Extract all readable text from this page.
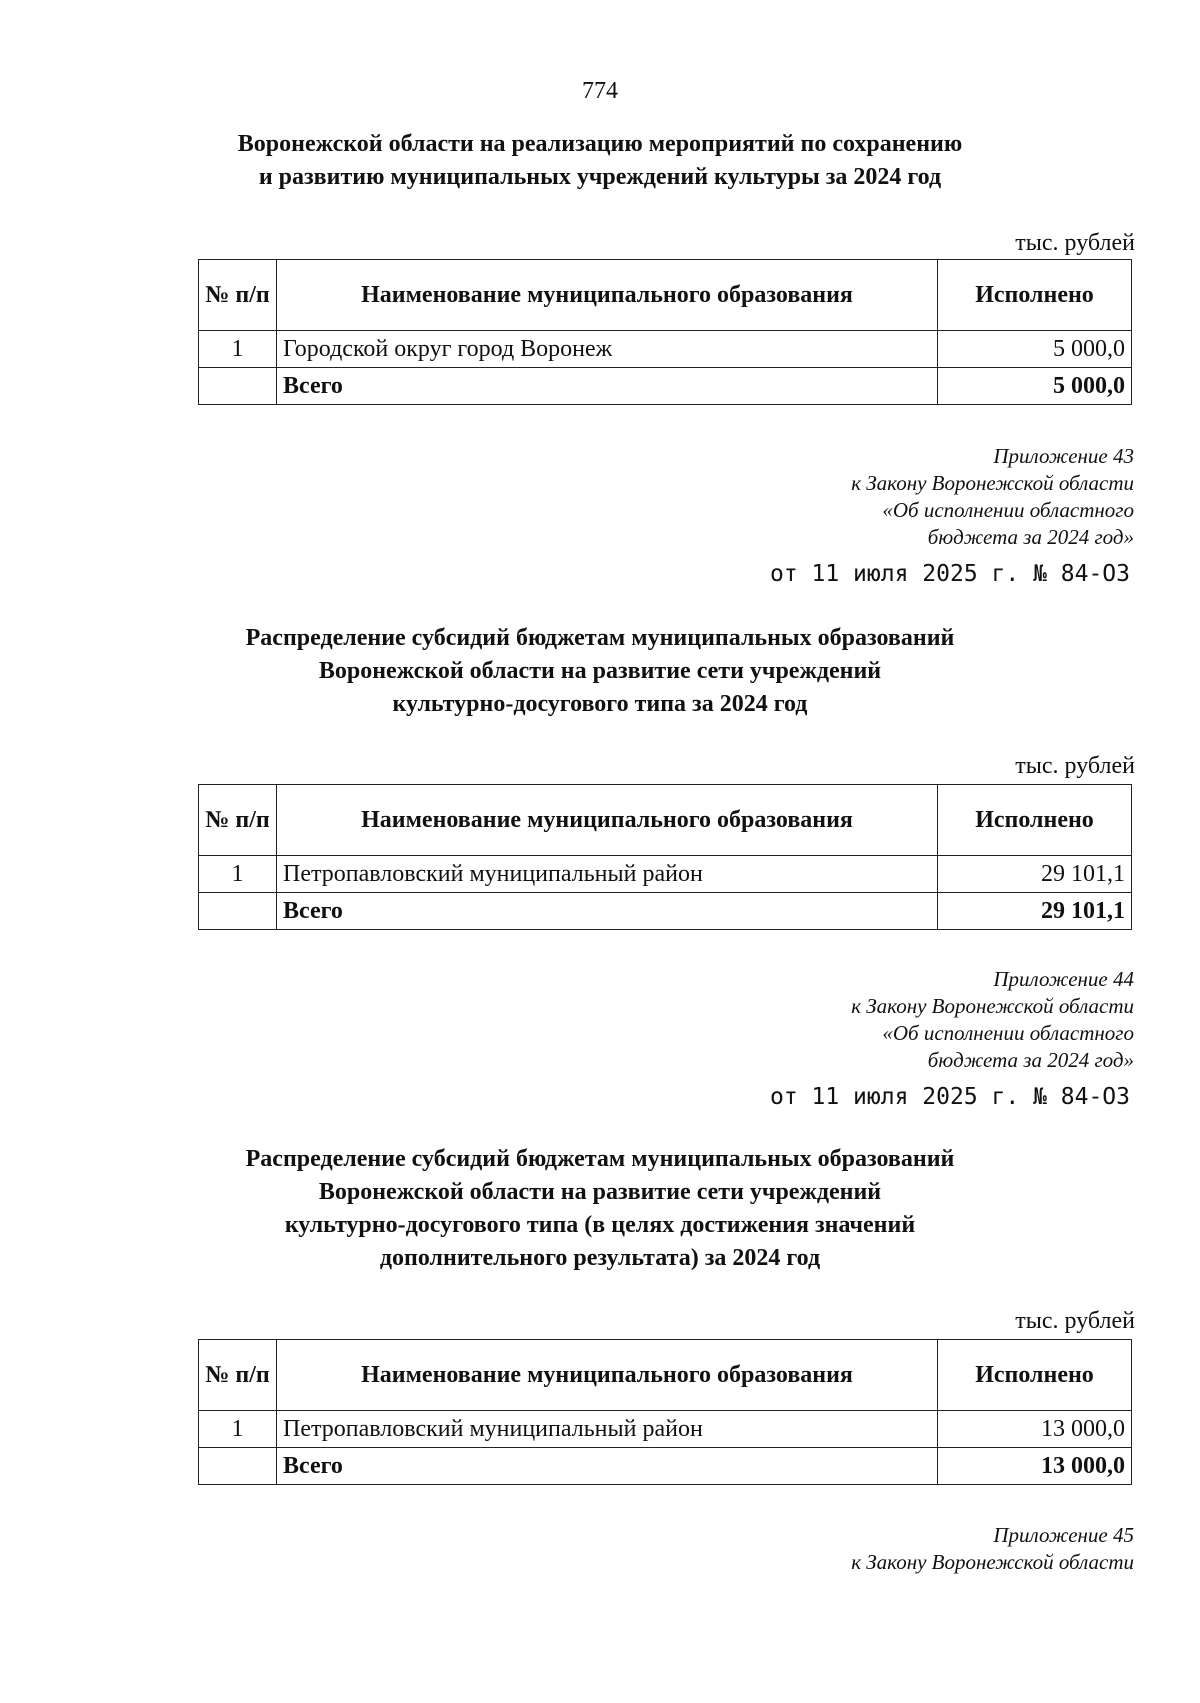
774
Воронежской области на реализацию мероприятий по сохранению
и развитию муниципальных учреждений культуры за 2024 год
тыс. рублей
№ п/п	Наименование муниципального образования	Исполнено
1	Городской округ город Воронеж	5 000,0
	Всего	5 000,0
Приложение 43
к Закону Воронежской области
«Об исполнении областного
бюджета за 2024 год»
от 11 июля 2025 г. № 84-ОЗ
Распределение субсидий бюджетам муниципальных образований
Воронежской области на развитие сети учреждений
культурно-досугового типа за 2024 год
тыс. рублей
№ п/п	Наименование муниципального образования	Исполнено
1	Петропавловский муниципальный район	29 101,1
	Всего	29 101,1
Приложение 44
к Закону Воронежской области
«Об исполнении областного
бюджета за 2024 год»
от 11 июля 2025 г. № 84-ОЗ
Распределение субсидий бюджетам муниципальных образований
Воронежской области на развитие сети учреждений
культурно-досугового типа (в целях достижения значений
дополнительного результата) за 2024 год
тыс. рублей
№ п/п	Наименование муниципального образования	Исполнено
1	Петропавловский муниципальный район	13 000,0
	Всего	13 000,0
Приложение 45
к Закону Воронежской области
